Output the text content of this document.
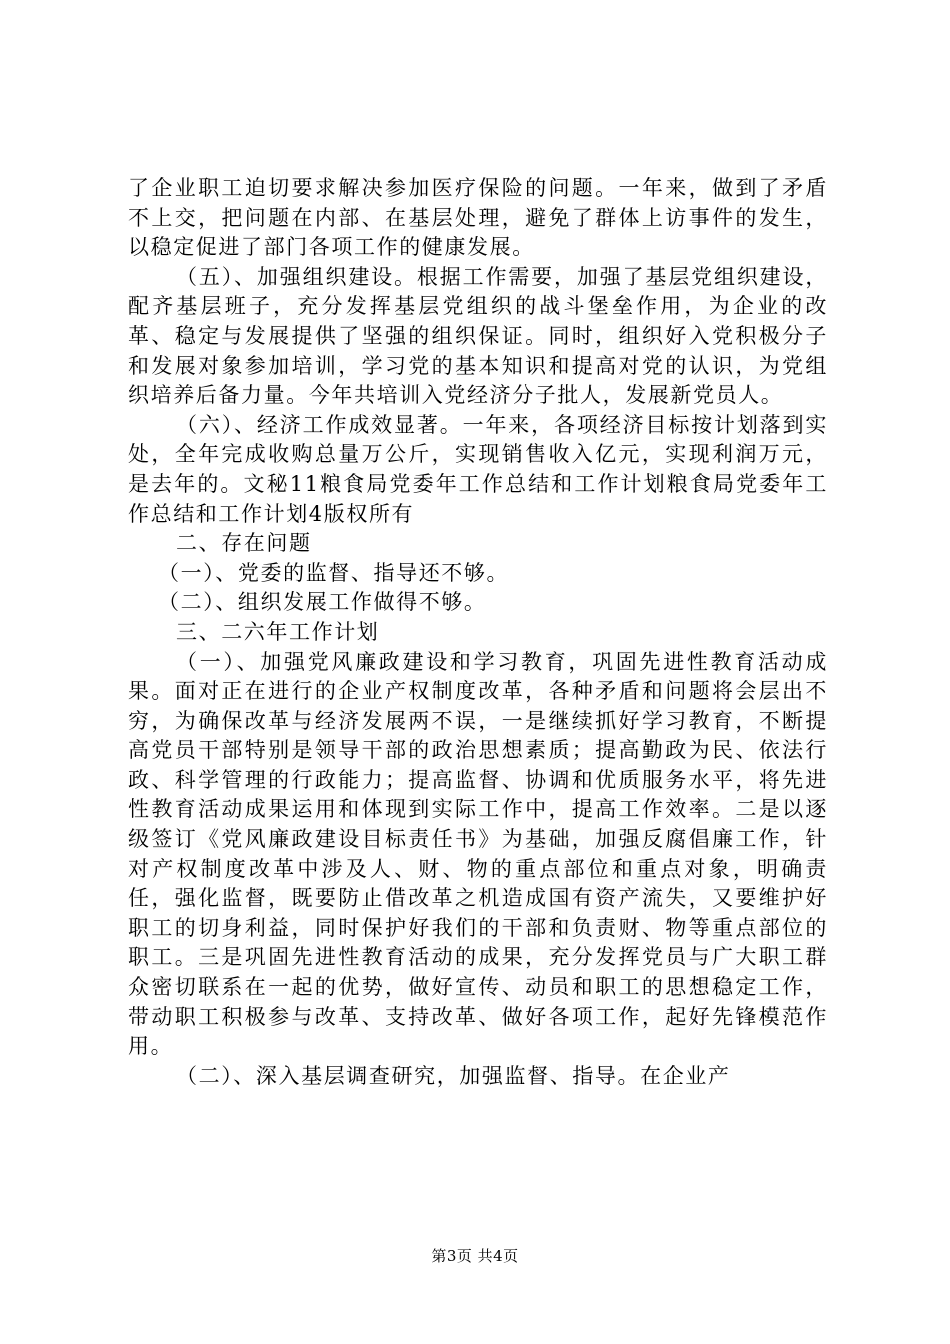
了企业职工迫切要求解决参加医疗保险的问题。一年来，做到了矛盾不上交，把问题在内部、在基层处理，避免了群体上访事件的发生，以稳定促进了部门各项工作的健康发展。

（五）、加强组织建设。根据工作需要，加强了基层党组织建设，配齐基层班子，充分发挥基层党组织的战斗堡垒作用，为企业的改革、稳定与发展提供了坚强的组织保证。同时，组织好入党积极分子和发展对象参加培训，学习党的基本知识和提高对党的认识，为党组织培养后备力量。今年共培训入党经济分子批人，发展新党员人。

（六）、经济工作成效显著。一年来，各项经济目标按计划落到实处，全年完成收购总量万公斤，实现销售收入亿元，实现利润万元，是去年的。文秘11粮食局党委年工作总结和工作计划粮食局党委年工作总结和工作计划4版权所有

二、存在问题

（一）、党委的监督、指导还不够。

（二）、组织发展工作做得不够。

三、二六年工作计划

（一）、加强党风廉政建设和学习教育，巩固先进性教育活动成果。面对正在进行的企业产权制度改革，各种矛盾和问题将会层出不穷，为确保改革与经济发展两不误，一是继续抓好学习教育，不断提高党员干部特别是领导干部的政治思想素质；提高勤政为民、依法行政、科学管理的行政能力；提高监督、协调和优质服务水平，将先进性教育活动成果运用和体现到实际工作中，提高工作效率。二是以逐级签订《党风廉政建设目标责任书》为基础，加强反腐倡廉工作，针对产权制度改革中涉及人、财、物的重点部位和重点对象，明确责任，强化监督，既要防止借改革之机造成国有资产流失，又要维护好职工的切身利益，同时保护好我们的干部和负责财、物等重点部位的职工。三是巩固先进性教育活动的成果，充分发挥党员与广大职工群众密切联系在一起的优势，做好宣传、动员和职工的思想稳定工作，带动职工积极参与改革、支持改革、做好各项工作，起好先锋模范作用。

（二）、深入基层调查研究，加强监督、指导。在企业产

第3页 共4页
